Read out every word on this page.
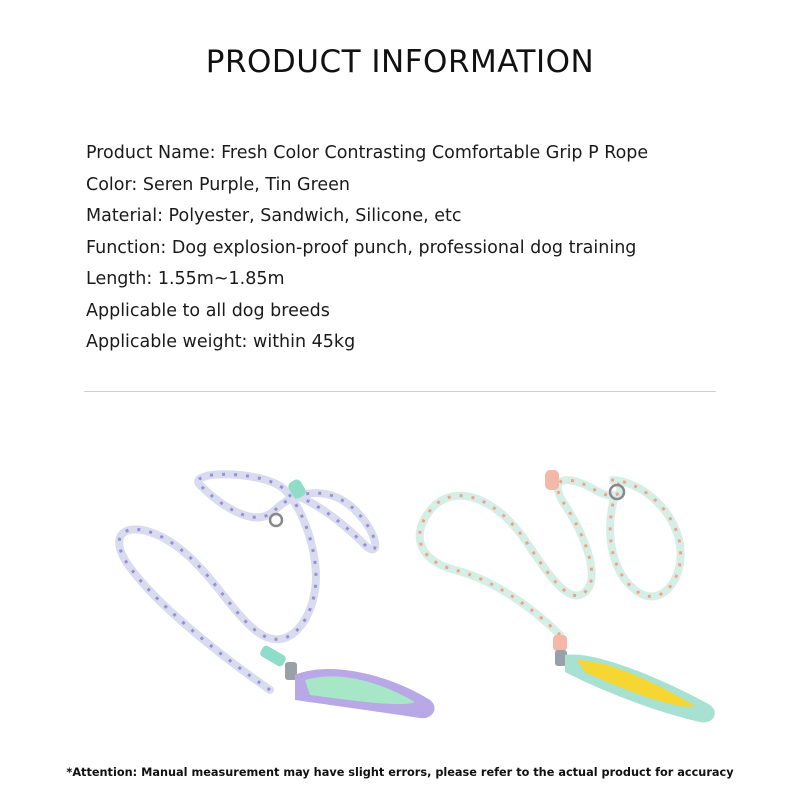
PRODUCT INFORMATION
Product Name: Fresh Color Contrasting Comfortable Grip P Rope
Color: Seren Purple, Tin Green
Material: Polyester, Sandwich, Silicone, etc
Function: Dog explosion-proof punch, professional dog training
Length: 1.55m~1.85m
Applicable to all dog breeds
Applicable weight: within 45kg
*Attention: Manual measurement may have slight errors, please refer to the actual product for accuracy
